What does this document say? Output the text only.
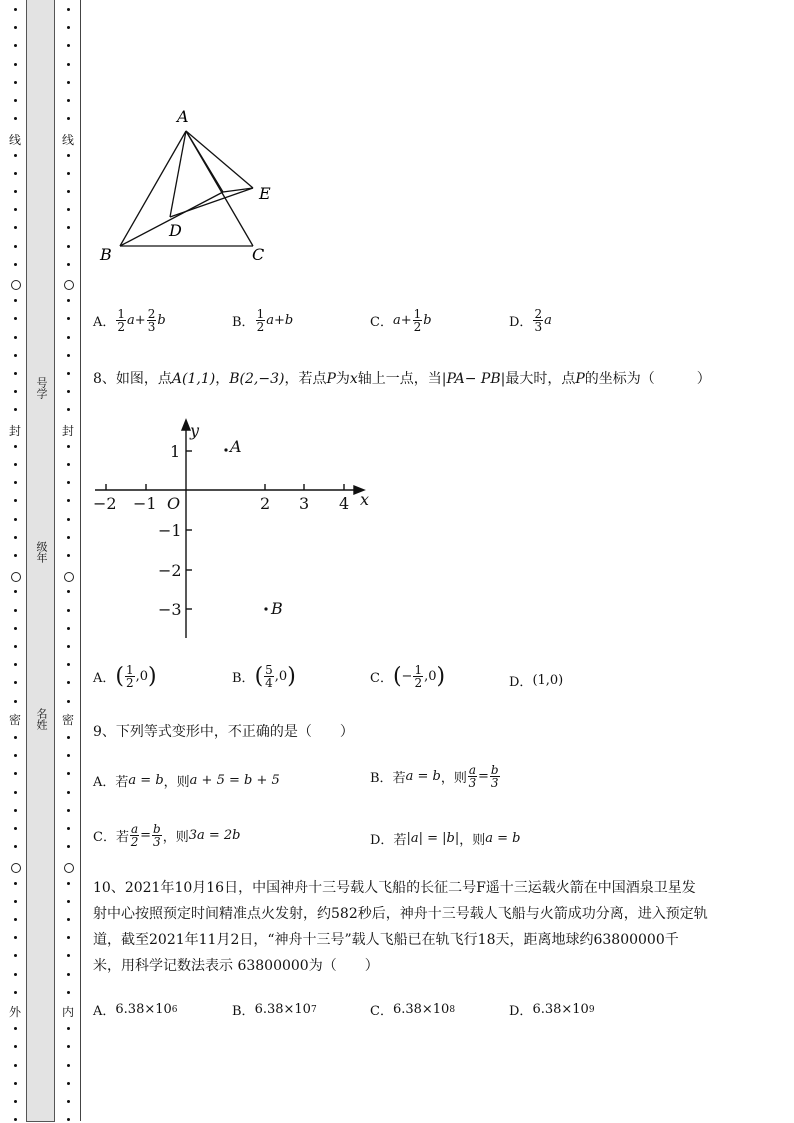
线
封
密
外
线
封
密
内
号学
级年
名姓
A
B	C
D
E
A． $\frac{1}{2} a+ \frac{2}{3}$ b	B． $\frac{1}{2} a+b$	C． $a+ \frac{1}{2}$ b	D． $\frac{2}{3}$ a
8、如图，点A(1,1)，B(2,−3)，若点P为x轴上一点，当|PA− PB|最大时，点P的坐标为（　　　）
x
y
O
−2 −1	2 3 4
1
−1
−2
−3
A
B
A． ( $\frac{1}{2} ,0$ )	B． ( $\frac{5}{4} ,0$ )	C． ( − $\frac{1}{2} ,0$ )	D． (1,0)
9、下列等式变形中，不正确的是（　　）
A． 若 a = b ，则 a + 5 = b + 5	B． 若 a = b ，则 $\frac{a}{3} = \frac{b}{3}$
C． 若 $\frac{a}{2} = \frac{b}{3}$ ，则 3a = 2b	D． 若 |a| = |b| ，则 a = b
10、2021年10月16日，中国神舟十三号载人飞船的长征二号F遥十三运载火箭在中国酒泉卫星发
射中心按照预定时间精准点火发射，约582秒后，神舟十三号载人飞船与火箭成功分离，进入预定轨
道，截至2021年11月2日，“神舟十三号”载人飞船已在轨飞行18天，距离地球约63800000千
米，用科学记数法表示 63800000为（　　）
A． 6.38×10 6	B． 6.38×10 7	C． 6.38×10 8	D． 6.38×10 9
